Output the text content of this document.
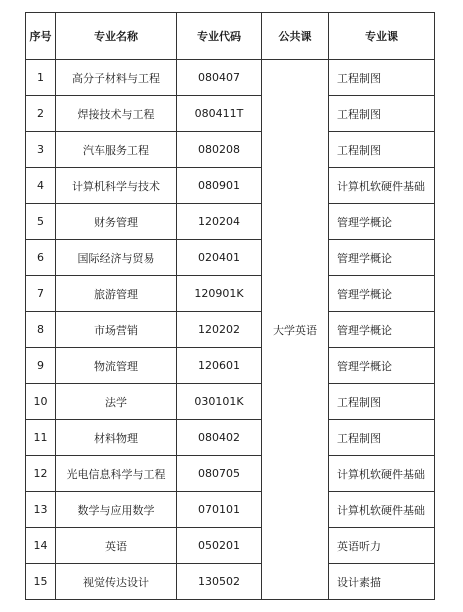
序号	专业名称	专业代码	公共课	专业课
1	高分子材料与工程	080407	大学英语	工程制图
2	焊接技术与工程	080411T		工程制图
3	汽车服务工程	080208		工程制图
4	计算机科学与技术	080901		计算机软硬件基础
5	财务管理	120204		管理学概论
6	国际经济与贸易	020401		管理学概论
7	旅游管理	120901K		管理学概论
8	市场营销	120202		管理学概论
9	物流管理	120601		管理学概论
10	法学	030101K		工程制图
11	材料物理	080402		工程制图
12	光电信息科学与工程	080705		计算机软硬件基础
13	数学与应用数学	070101		计算机软硬件基础
14	英语	050201		英语听力
15	视觉传达设计	130502		设计素描
